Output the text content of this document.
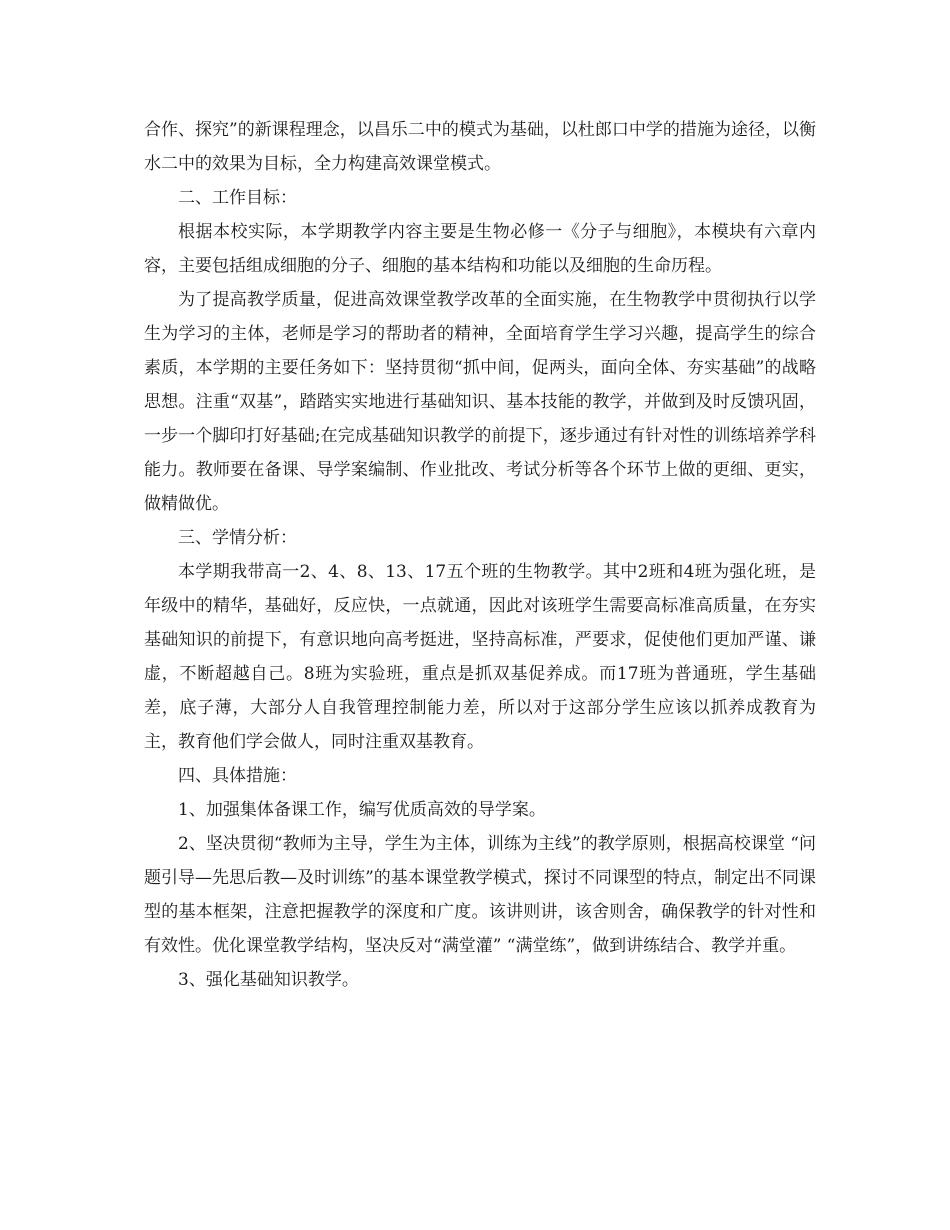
合作、探究”的新课程理念，以昌乐二中的模式为基础，以杜郎口中学的措施为途径，以衡水二中的效果为目标，全力构建高效课堂模式。

二、工作目标：

根据本校实际，本学期教学内容主要是生物必修一《分子与细胞》，本模块有六章内容，主要包括组成细胞的分子、细胞的基本结构和功能以及细胞的生命历程。

为了提高教学质量，促进高效课堂教学改革的全面实施，在生物教学中贯彻执行以学生为学习的主体，老师是学习的帮助者的精神，全面培育学生学习兴趣，提高学生的综合素质，本学期的主要任务如下：坚持贯彻“抓中间，促两头，面向全体、夯实基础”的战略思想。注重“双基”，踏踏实实地进行基础知识、基本技能的教学，并做到及时反馈巩固，一步一个脚印打好基础;在完成基础知识教学的前提下，逐步通过有针对性的训练培养学科能力。教师要在备课、导学案编制、作业批改、考试分析等各个环节上做的更细、更实，做精做优。

三、学情分析：

本学期我带高一2、4、8、13、17五个班的生物教学。其中2班和4班为强化班，是年级中的精华，基础好，反应快，一点就通，因此对该班学生需要高标准高质量，在夯实基础知识的前提下，有意识地向高考挺进，坚持高标准，严要求，促使他们更加严谨、谦虚，不断超越自己。8班为实验班，重点是抓双基促养成。而17班为普通班，学生基础差，底子薄，大部分人自我管理控制能力差，所以对于这部分学生应该以抓养成教育为主，教育他们学会做人，同时注重双基教育。

四、具体措施：

1、加强集体备课工作，编写优质高效的导学案。

2、坚决贯彻“教师为主导，学生为主体，训练为主线”的教学原则，根据高校课堂 “问题引导—先思后教—及时训练”的基本课堂教学模式，探讨不同课型的特点，制定出不同课型的基本框架，注意把握教学的深度和广度。该讲则讲，该舍则舍，确保教学的针对性和有效性。优化课堂教学结构，坚决反对“满堂灌” “满堂练”，做到讲练结合、教学并重。

3、强化基础知识教学。
